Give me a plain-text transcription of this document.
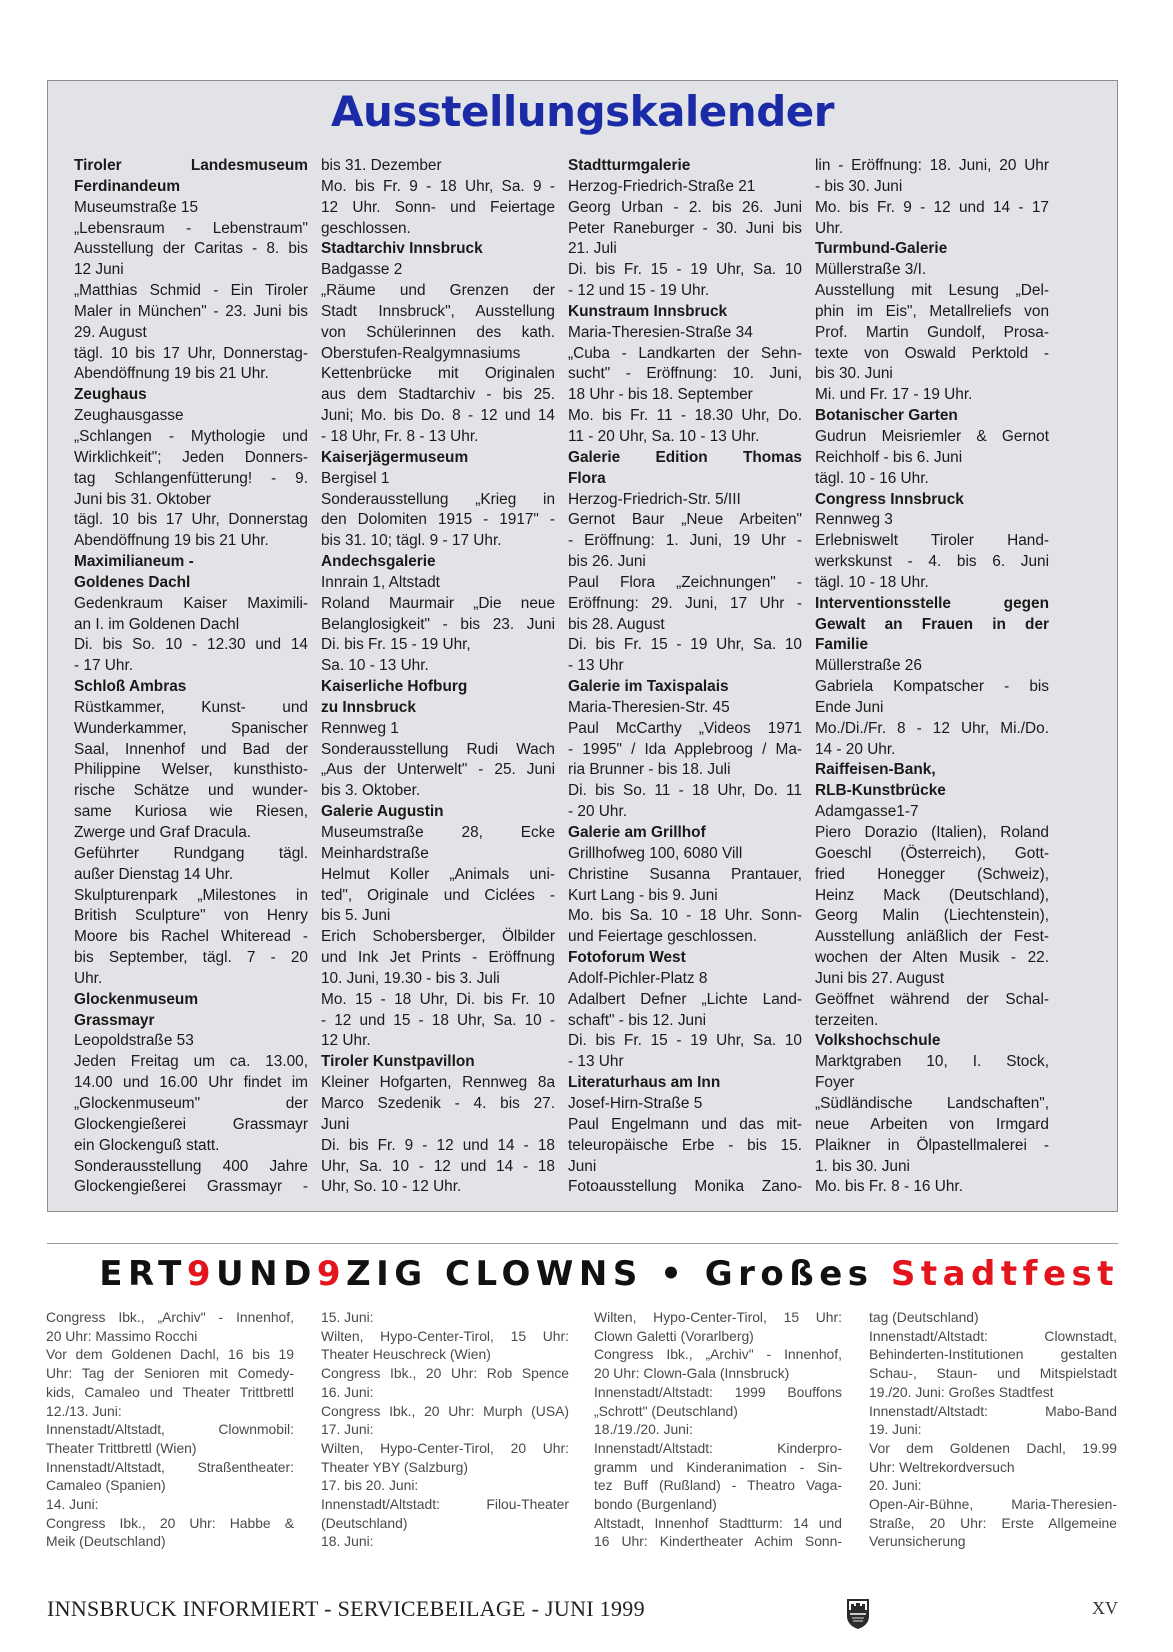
Ausstellungskalender
Tiroler Landesmuseum
Ferdinandeum
Museumstraße 15
„Lebensraum - Lebenstraum"
Ausstellung der Caritas - 8. bis
12 Juni
„Matthias Schmid - Ein Tiroler
Maler in München" - 23. Juni bis
29. August
tägl. 10 bis 17 Uhr, Donnerstag-
Abendöffnung 19 bis 21 Uhr.
Zeughaus
Zeughausgasse
„Schlangen - Mythologie und
Wirklichkeit"; Jeden Donners-
tag Schlangenfütterung! - 9.
Juni bis 31. Oktober
tägl. 10 bis 17 Uhr, Donnerstag
Abendöffnung 19 bis 21 Uhr.
Maximilianeum -
Goldenes Dachl
Gedenkraum Kaiser Maximili-
an I. im Goldenen Dachl
Di. bis So. 10 - 12.30 und 14
- 17 Uhr.
Schloß Ambras
Rüstkammer, Kunst- und
Wunderkammer, Spanischer
Saal, Innenhof und Bad der
Philippine Welser, kunsthisto-
rische Schätze und wunder-
same Kuriosa wie Riesen,
Zwerge und Graf Dracula.
Geführter Rundgang tägl.
außer Dienstag 14 Uhr.
Skulpturenpark „Milestones in
British Sculpture" von Henry
Moore bis Rachel Whiteread -
bis September, tägl. 7 - 20
Uhr.
Glockenmuseum
Grassmayr
Leopoldstraße 53
Jeden Freitag um ca. 13.00,
14.00 und 16.00 Uhr findet im
„Glockenmuseum" der
Glockengießerei Grassmayr
ein Glockenguß statt.
Sonderausstellung 400 Jahre
Glockengießerei Grassmayr -
bis 31. Dezember
Mo. bis Fr. 9 - 18 Uhr, Sa. 9 -
12 Uhr. Sonn- und Feiertage
geschlossen.
Stadtarchiv Innsbruck
Badgasse 2
„Räume und Grenzen der
Stadt Innsbruck", Ausstellung
von Schülerinnen des kath.
Oberstufen-Realgymnasiums
Kettenbrücke mit Originalen
aus dem Stadtarchiv - bis 25.
Juni; Mo. bis Do. 8 - 12 und 14
- 18 Uhr, Fr. 8 - 13 Uhr.
Kaiserjägermuseum
Bergisel 1
Sonderausstellung „Krieg in
den Dolomiten 1915 - 1917" -
bis 31. 10; tägl. 9 - 17 Uhr.
Andechsgalerie
Innrain 1, Altstadt
Roland Maurmair „Die neue
Belanglosigkeit" - bis 23. Juni
Di. bis Fr. 15 - 19 Uhr,
Sa. 10 - 13 Uhr.
Kaiserliche Hofburg
zu Innsbruck
Rennweg 1
Sonderausstellung Rudi Wach
„Aus der Unterwelt" - 25. Juni
bis 3. Oktober.
Galerie Augustin
Museumstraße 28, Ecke
Meinhardstraße
Helmut Koller „Animals uni-
ted", Originale und Ciclées -
bis 5. Juni
Erich Schobersberger, Ölbilder
und Ink Jet Prints - Eröffnung
10. Juni, 19.30 - bis 3. Juli
Mo. 15 - 18 Uhr, Di. bis Fr. 10
- 12 und 15 - 18 Uhr, Sa. 10 -
12 Uhr.
Tiroler Kunstpavillon
Kleiner Hofgarten, Rennweg 8a
Marco Szedenik - 4. bis 27.
Juni
Di. bis Fr. 9 - 12 und 14 - 18
Uhr, Sa. 10 - 12 und 14 - 18
Uhr, So. 10 - 12 Uhr.
Stadtturmgalerie
Herzog-Friedrich-Straße 21
Georg Urban - 2. bis 26. Juni
Peter Raneburger - 30. Juni bis
21. Juli
Di. bis Fr. 15 - 19 Uhr, Sa. 10
- 12 und 15 - 19 Uhr.
Kunstraum Innsbruck
Maria-Theresien-Straße 34
„Cuba - Landkarten der Sehn-
sucht" - Eröffnung: 10. Juni,
18 Uhr - bis 18. September
Mo. bis Fr. 11 - 18.30 Uhr, Do.
11 - 20 Uhr, Sa. 10 - 13 Uhr.
Galerie Edition Thomas
Flora
Herzog-Friedrich-Str. 5/III
Gernot Baur „Neue Arbeiten"
- Eröffnung: 1. Juni, 19 Uhr -
bis 26. Juni
Paul Flora „Zeichnungen" -
Eröffnung: 29. Juni, 17 Uhr -
bis 28. August
Di. bis Fr. 15 - 19 Uhr, Sa. 10
- 13 Uhr
Galerie im Taxispalais
Maria-Theresien-Str. 45
Paul McCarthy „Videos 1971
- 1995" / Ida Applebroog / Ma-
ria Brunner - bis 18. Juli
Di. bis So. 11 - 18 Uhr, Do. 11
- 20 Uhr.
Galerie am Grillhof
Grillhofweg 100, 6080 Vill
Christine Susanna Prantauer,
Kurt Lang - bis 9. Juni
Mo. bis Sa. 10 - 18 Uhr. Sonn-
und Feiertage geschlossen.
Fotoforum West
Adolf-Pichler-Platz 8
Adalbert Defner „Lichte Land-
schaft" - bis 12. Juni
Di. bis Fr. 15 - 19 Uhr, Sa. 10
- 13 Uhr
Literaturhaus am Inn
Josef-Hirn-Straße 5
Paul Engelmann und das mit-
teleuropäische Erbe - bis 15.
Juni
Fotoausstellung Monika Zano-
lin - Eröffnung: 18. Juni, 20 Uhr
- bis 30. Juni
Mo. bis Fr. 9 - 12 und 14 - 17
Uhr.
Turmbund-Galerie
Müllerstraße 3/I.
Ausstellung mit Lesung „Del-
phin im Eis", Metallreliefs von
Prof. Martin Gundolf, Prosa-
texte von Oswald Perktold -
bis 30. Juni
Mi. und Fr. 17 - 19 Uhr.
Botanischer Garten
Gudrun Meisriemler & Gernot
Reichholf - bis 6. Juni
tägl. 10 - 16 Uhr.
Congress Innsbruck
Rennweg 3
Erlebniswelt Tiroler Hand-
werkskunst - 4. bis 6. Juni
tägl. 10 - 18 Uhr.
Interventionsstelle gegen
Gewalt an Frauen in der
Familie
Müllerstraße 26
Gabriela Kompatscher - bis
Ende Juni
Mo./Di./Fr. 8 - 12 Uhr, Mi./Do.
14 - 20 Uhr.
Raiffeisen-Bank,
RLB-Kunstbrücke
Adamgasse1-7
Piero Dorazio (Italien), Roland
Goeschl (Österreich), Gott-
fried Honegger (Schweiz),
Heinz Mack (Deutschland),
Georg Malin (Liechtenstein),
Ausstellung anläßlich der Fest-
wochen der Alten Musik - 22.
Juni bis 27. August
Geöffnet während der Schal-
terzeiten.
Volkshochschule
Marktgraben 10, I. Stock,
Foyer
„Südländische Landschaften",
neue Arbeiten von Irmgard
Plaikner in Ölpastellmalerei -
1. bis 30. Juni
Mo. bis Fr. 8 - 16 Uhr.
ERT9UND9ZIG CLOWNS • Großes Stadtfest
Congress Ibk., „Archiv" - Innenhof,
20 Uhr: Massimo Rocchi
Vor dem Goldenen Dachl, 16 bis 19
Uhr: Tag der Senioren mit Comedy-
kids, Camaleo und Theater Trittbrettl
12./13. Juni:
Innenstadt/Altstadt, Clownmobil:
Theater Trittbrettl (Wien)
Innenstadt/Altstadt, Straßentheater:
Camaleo (Spanien)
14. Juni:
Congress Ibk., 20 Uhr: Habbe &
Meik (Deutschland)
15. Juni:
Wilten, Hypo-Center-Tirol, 15 Uhr:
Theater Heuschreck (Wien)
Congress Ibk., 20 Uhr: Rob Spence
16. Juni:
Congress Ibk., 20 Uhr: Murph (USA)
17. Juni:
Wilten, Hypo-Center-Tirol, 20 Uhr:
Theater YBY (Salzburg)
17. bis 20. Juni:
Innenstadt/Altstadt: Filou-Theater
(Deutschland)
18. Juni:
Wilten, Hypo-Center-Tirol, 15 Uhr:
Clown Galetti (Vorarlberg)
Congress Ibk., „Archiv" - Innenhof,
20 Uhr: Clown-Gala (Innsbruck)
Innenstadt/Altstadt: 1999 Bouffons
„Schrott" (Deutschland)
18./19./20. Juni:
Innenstadt/Altstadt: Kinderpro-
gramm und Kinderanimation - Sin-
tez Buff (Rußland) - Theatro Vaga-
bondo (Burgenland)
Altstadt, Innenhof Stadtturm: 14 und
16 Uhr: Kindertheater Achim Sonn-
tag (Deutschland)
Innenstadt/Altstadt: Clownstadt,
Behinderten-Institutionen gestalten
Schau-, Staun- und Mitspielstadt
19./20. Juni: Großes Stadtfest
Innenstadt/Altstadt: Mabo-Band
19. Juni:
Vor dem Goldenen Dachl, 19.99
Uhr: Weltrekordversuch
20. Juni:
Open-Air-Bühne, Maria-Theresien-
Straße, 20 Uhr: Erste Allgemeine
Verunsicherung
INNSBRUCK INFORMIERT - SERVICEBEILAGE - JUNI 1999	XV
